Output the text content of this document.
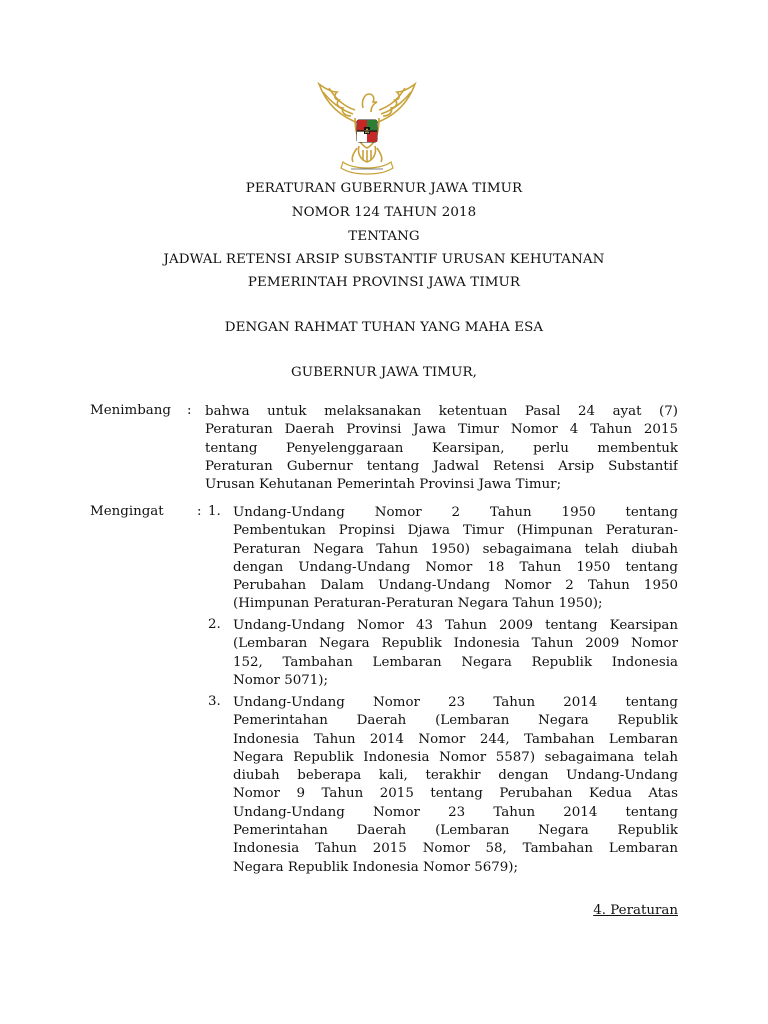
PERATURAN GUBERNUR JAWA TIMUR
NOMOR 124 TAHUN 2018
TENTANG
JADWAL RETENSI ARSIP SUBSTANTIF URUSAN KEHUTANAN
PEMERINTAH PROVINSI JAWA TIMUR
DENGAN RAHMAT TUHAN YANG MAHA ESA
GUBERNUR JAWA TIMUR,
Menimbang : bahwa untuk melaksanakan ketentuan Pasal 24 ayat (7)
Peraturan Daerah Provinsi Jawa Timur Nomor 4 Tahun 2015
tentang Penyelenggaraan Kearsipan, perlu membentuk
Peraturan Gubernur tentang Jadwal Retensi Arsip Substantif
Urusan Kehutanan Pemerintah Provinsi Jawa Timur;
Mengingat : 1. Undang-Undang Nomor 2 Tahun 1950 tentang
Pembentukan Propinsi Djawa Timur (Himpunan Peraturan-
Peraturan Negara Tahun 1950) sebagaimana telah diubah
dengan Undang-Undang Nomor 18 Tahun 1950 tentang
Perubahan Dalam Undang-Undang Nomor 2 Tahun 1950
(Himpunan Peraturan-Peraturan Negara Tahun 1950);
2. Undang-Undang Nomor 43 Tahun 2009 tentang Kearsipan
(Lembaran Negara Republik Indonesia Tahun 2009 Nomor
152, Tambahan Lembaran Negara Republik Indonesia
Nomor 5071);
3. Undang-Undang Nomor 23 Tahun 2014 tentang
Pemerintahan Daerah (Lembaran Negara Republik
Indonesia Tahun 2014 Nomor 244, Tambahan Lembaran
Negara Republik Indonesia Nomor 5587) sebagaimana telah
diubah beberapa kali, terakhir dengan Undang-Undang
Nomor 9 Tahun 2015 tentang Perubahan Kedua Atas
Undang-Undang Nomor 23 Tahun 2014 tentang
Pemerintahan Daerah (Lembaran Negara Republik
Indonesia Tahun 2015 Nomor 58, Tambahan Lembaran
Negara Republik Indonesia Nomor 5679);
4. Peraturan
